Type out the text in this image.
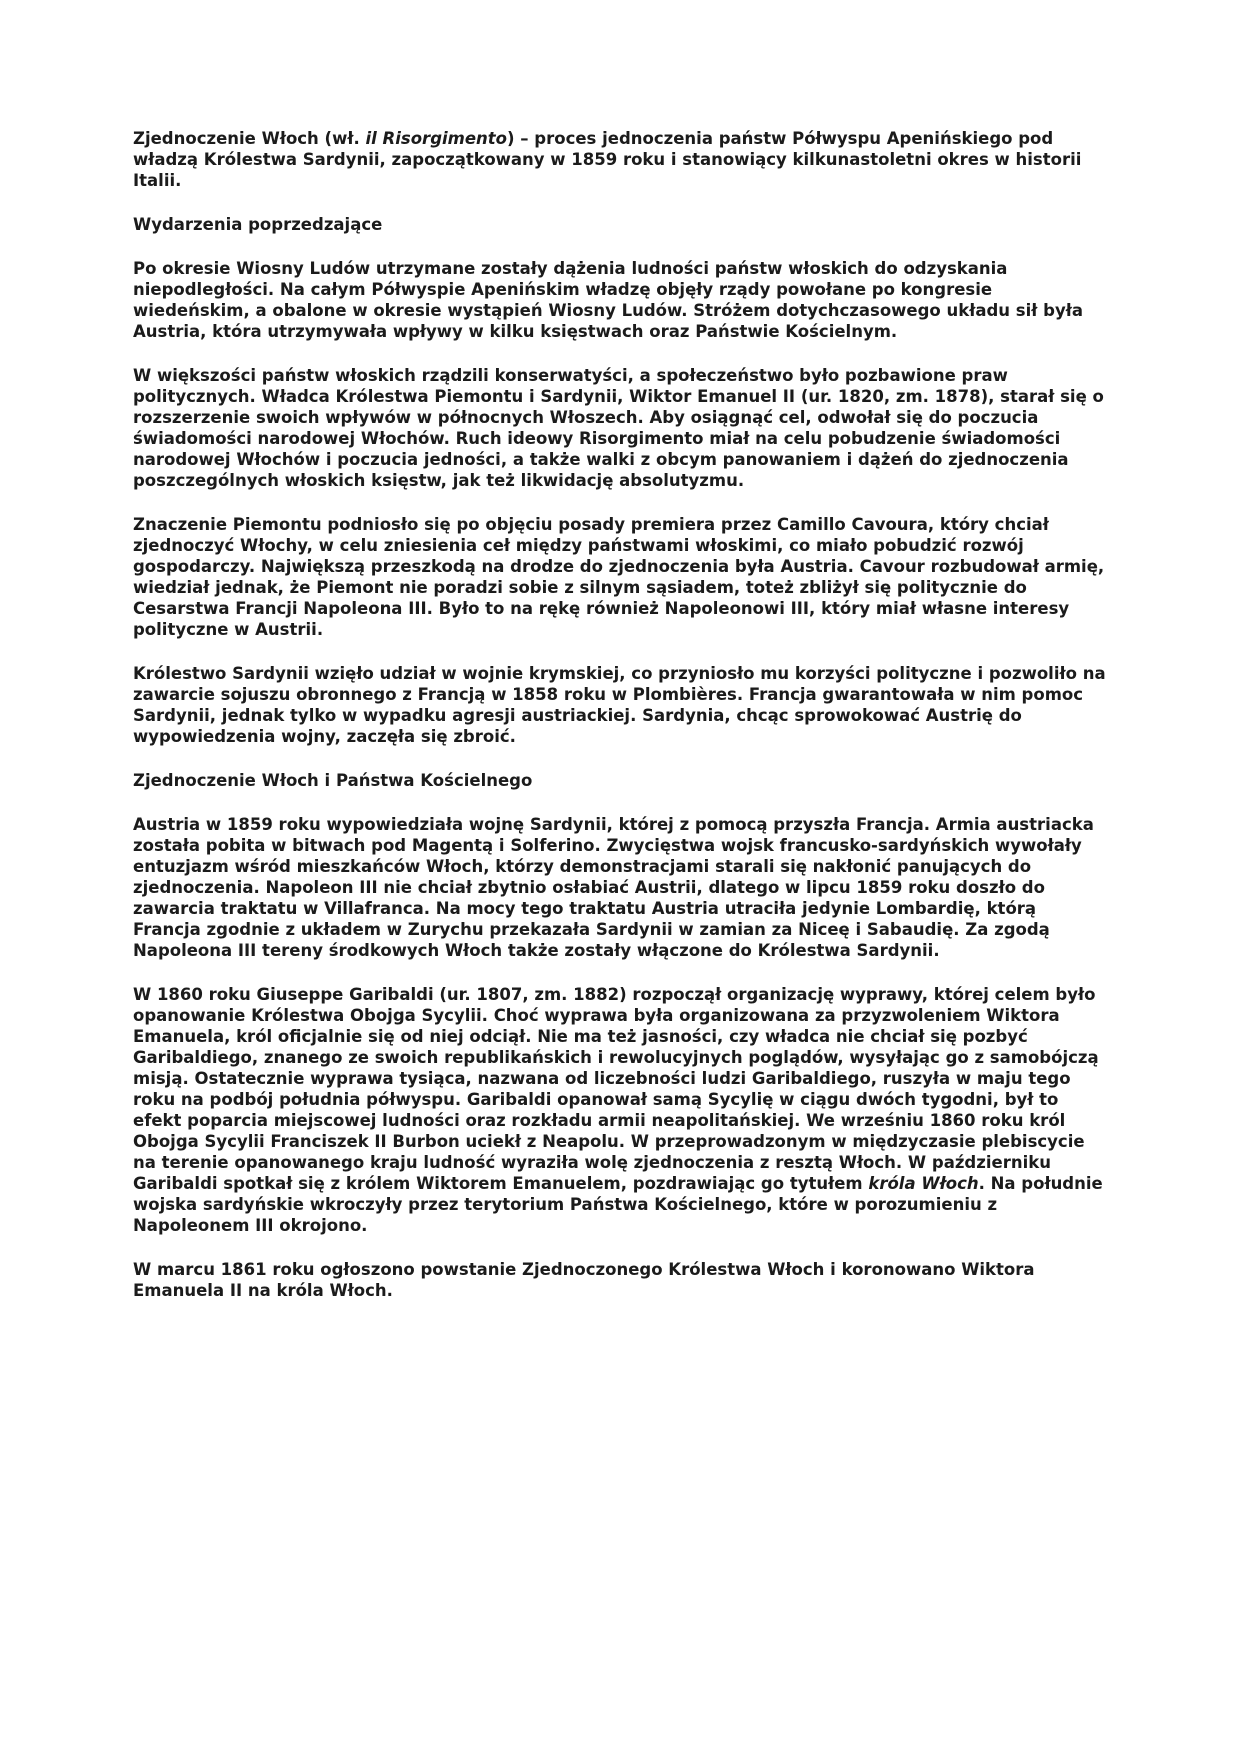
Zjednoczenie Włoch (wł. il Risorgimento) – proces jednoczenia państw Półwyspu Apenińskiego pod władzą Królestwa Sardynii, zapoczątkowany w 1859 roku i stanowiący kilkunastoletni okres w historii Italii.

Wydarzenia poprzedzające

Po okresie Wiosny Ludów utrzymane zostały dążenia ludności państw włoskich do odzyskania niepodległości. Na całym Półwyspie Apenińskim władzę objęły rządy powołane po kongresie wiedeńskim, a obalone w okresie wystąpień Wiosny Ludów. Stróżem dotychczasowego układu sił była Austria, która utrzymywała wpływy w kilku księstwach oraz Państwie Kościelnym.

W większości państw włoskich rządzili konserwatyści, a społeczeństwo było pozbawione praw politycznych. Władca Królestwa Piemontu i Sardynii, Wiktor Emanuel II (ur. 1820, zm. 1878), starał się o rozszerzenie swoich wpływów w północnych Włoszech. Aby osiągnąć cel, odwołał się do poczucia świadomości narodowej Włochów. Ruch ideowy Risorgimento miał na celu pobudzenie świadomości narodowej Włochów i poczucia jedności, a także walki z obcym panowaniem i dążeń do zjednoczenia poszczególnych włoskich księstw, jak też likwidację absolutyzmu.

Znaczenie Piemontu podniosło się po objęciu posady premiera przez Camillo Cavoura, który chciał zjednoczyć Włochy, w celu zniesienia ceł między państwami włoskimi, co miało pobudzić rozwój gospodarczy. Największą przeszkodą na drodze do zjednoczenia była Austria. Cavour rozbudował armię, wiedział jednak, że Piemont nie poradzi sobie z silnym sąsiadem, toteż zbliżył się politycznie do Cesarstwa Francji Napoleona III. Było to na rękę również Napoleonowi III, który miał własne interesy polityczne w Austrii.

Królestwo Sardynii wzięło udział w wojnie krymskiej, co przyniosło mu korzyści polityczne i pozwoliło na zawarcie sojuszu obronnego z Francją w 1858 roku w Plombières. Francja gwarantowała w nim pomoc Sardynii, jednak tylko w wypadku agresji austriackiej. Sardynia, chcąc sprowokować Austrię do wypowiedzenia wojny, zaczęła się zbroić.

Zjednoczenie Włoch i Państwa Kościelnego

Austria w 1859 roku wypowiedziała wojnę Sardynii, której z pomocą przyszła Francja. Armia austriacka została pobita w bitwach pod Magentą i Solferino. Zwycięstwa wojsk francusko-sardyńskich wywołały entuzjazm wśród mieszkańców Włoch, którzy demonstracjami starali się nakłonić panujących do zjednoczenia. Napoleon III nie chciał zbytnio osłabiać Austrii, dlatego w lipcu 1859 roku doszło do zawarcia traktatu w Villafranca. Na mocy tego traktatu Austria utraciła jedynie Lombardię, którą Francja zgodnie z układem w Zurychu przekazała Sardynii w zamian za Niceę i Sabaudię. Za zgodą Napoleona III tereny środkowych Włoch także zostały włączone do Królestwa Sardynii.

W 1860 roku Giuseppe Garibaldi (ur. 1807, zm. 1882) rozpoczął organizację wyprawy, której celem było opanowanie Królestwa Obojga Sycylii. Choć wyprawa była organizowana za przyzwoleniem Wiktora Emanuela, król oficjalnie się od niej odciął. Nie ma też jasności, czy władca nie chciał się pozbyć Garibaldiego, znanego ze swoich republikańskich i rewolucyjnych poglądów, wysyłając go z samobójczą misją. Ostatecznie wyprawa tysiąca, nazwana od liczebności ludzi Garibaldiego, ruszyła w maju tego roku na podbój południa półwyspu. Garibaldi opanował samą Sycylię w ciągu dwóch tygodni, był to efekt poparcia miejscowej ludności oraz rozkładu armii neapolitańskiej. We wrześniu 1860 roku król Obojga Sycylii Franciszek II Burbon uciekł z Neapolu. W przeprowadzonym w międzyczasie plebiscycie na terenie opanowanego kraju ludność wyraziła wolę zjednoczenia z resztą Włoch. W październiku Garibaldi spotkał się z królem Wiktorem Emanuelem, pozdrawiając go tytułem króla Włoch. Na południe wojska sardyńskie wkroczyły przez terytorium Państwa Kościelnego, które w porozumieniu z Napoleonem III okrojono.

W marcu 1861 roku ogłoszono powstanie Zjednoczonego Królestwa Włoch i koronowano Wiktora Emanuela II na króla Włoch.
